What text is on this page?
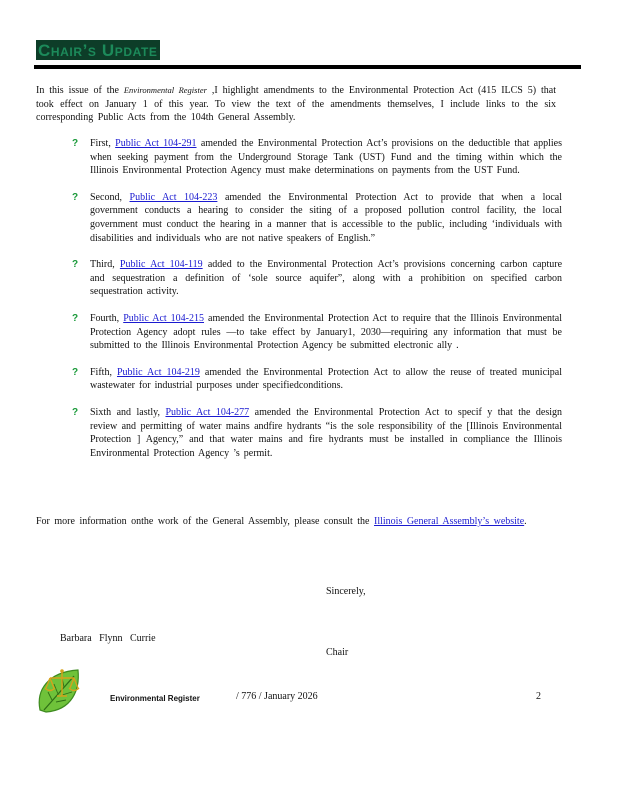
Chair’s Update

In this issue of the Environmental Register ,I highlight amendments to the Environmental Protection Act (415 ILCS 5) that took effect on January 1 of this year. To view the text of the amendments themselves, I include links to the six corresponding Public Acts from the 104th General Assembly.

? First, Public Act 104-291 amended the Environmental Protection Act’s provisions on the deductible that applies when seeking payment from the Underground Storage Tank (UST) Fund and the timing within which the Illinois Environmental Protection Agency must make determinations on payments from the UST Fund.
? Second, Public Act 104-223 amended the Environmental Protection Act to provide that when a local government conducts a hearing to consider the siting of a proposed pollution control facility, the local government must conduct the hearing in a manner that is accessible to the public, including ‘individuals with disabilities and individuals who are not native speakers of English.”
? Third, Public Act 104-119 added to the Environmental Protection Act’s provisions concerning carbon capture and sequestration a definition of ‘sole source aquifer”, along with a prohibition on specified carbon sequestration activity.
? Fourth, Public Act 104-215 amended the Environmental Protection Act to require that the Illinois Environmental Protection Agency adopt rules —to take effect by January1, 2030—requiring any information that must be submitted to the Illinois Environmental Protection Agency be submitted electronic ally .
? Fifth, Public Act 104-219 amended the Environmental Protection Act to allow the reuse of treated municipal wastewater for industrial purposes under specifiedconditions.
? Sixth and lastly, Public Act 104-277 amended the Environmental Protection Act to specif y that the design review and permitting of water mains andfire hydrants “is the sole responsibility of the [Illinois Environmental Protection ] Agency,” and that water mains and fire hydrants must be installed in compliance the Illinois Environmental Protection Agency ’s permit.

For more information onthe work of the General Assembly, please consult the Illinois General Assembly’s website.

Sincerely,
Barbara Flynn Currie
Chair
Environmental Register	/ 776 / January 2026	2
